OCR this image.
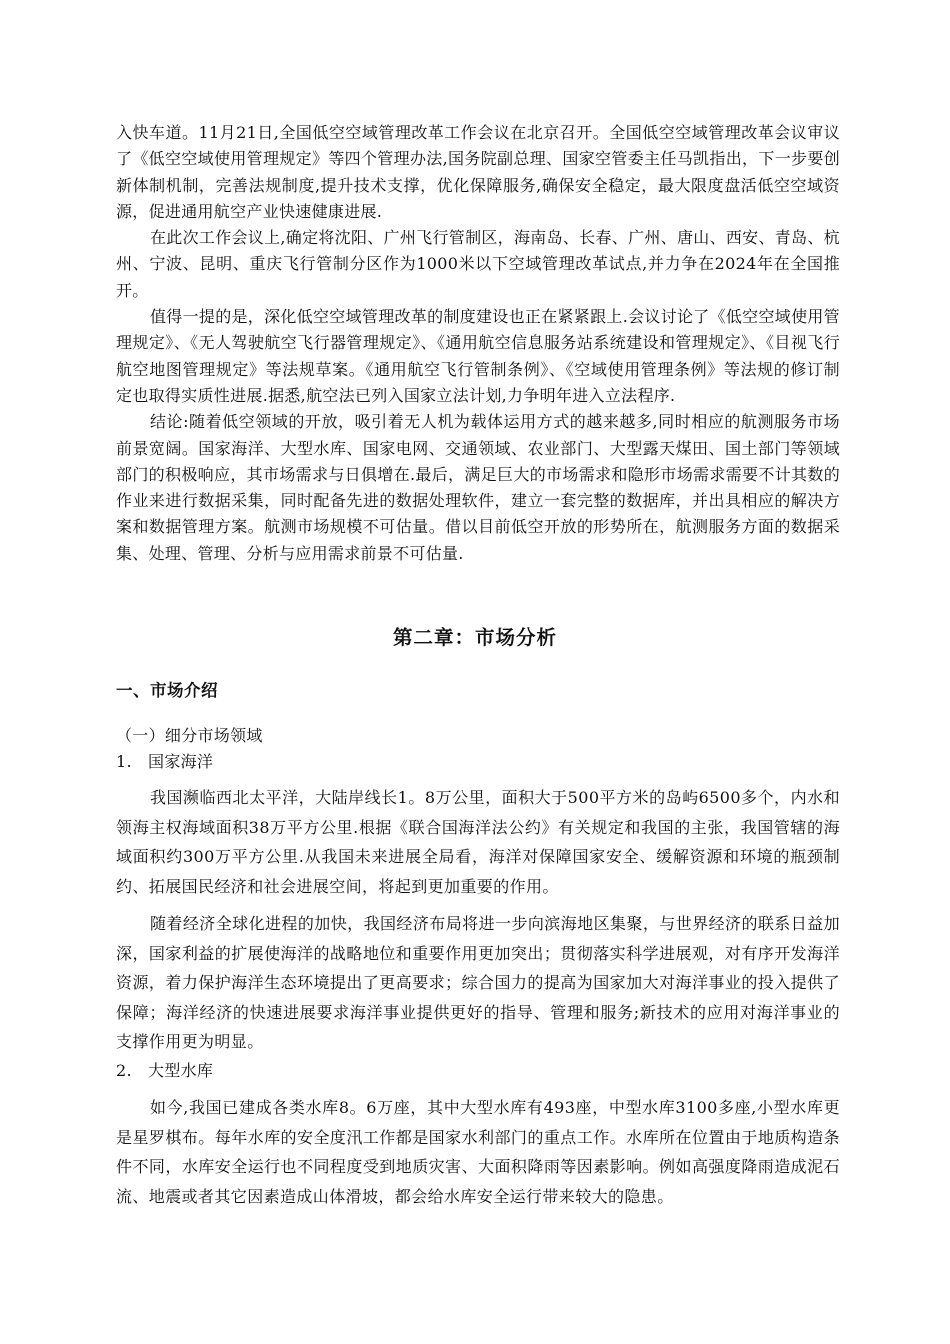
入快车道。11月21日,全国低空空域管理改革工作会议在北京召开。全国低空空域管理改革会议审议了《低空空域使用管理规定》等四个管理办法,国务院副总理、国家空管委主任马凯指出，下一步要创新体制机制，完善法规制度,提升技术支撑，优化保障服务,确保安全稳定，最大限度盘活低空空域资源，促进通用航空产业快速健康进展.

在此次工作会议上,确定将沈阳、广州飞行管制区，海南岛、长春、广州、唐山、西安、青岛、杭州、宁波、昆明、重庆飞行管制分区作为1000米以下空域管理改革试点,并力争在2024年在全国推开。

值得一提的是，深化低空空域管理改革的制度建设也正在紧紧跟上.会议讨论了《低空空域使用管理规定》、《无人驾驶航空飞行器管理规定》、《通用航空信息服务站系统建设和管理规定》、《目视飞行航空地图管理规定》等法规草案。《通用航空飞行管制条例》、《空域使用管理条例》等法规的修订制定也取得实质性进展.据悉,航空法已列入国家立法计划,力争明年进入立法程序.

结论:随着低空领域的开放，吸引着无人机为载体运用方式的越来越多,同时相应的航测服务市场前景宽阔。国家海洋、大型水库、国家电网、交通领域、农业部门、大型露天煤田、国土部门等领域部门的积极响应，其市场需求与日俱增在.最后，满足巨大的市场需求和隐形市场需求需要不计其数的作业来进行数据采集，同时配备先进的数据处理软件，建立一套完整的数据库，并出具相应的解决方案和数据管理方案。航测市场规模不可估量。借以目前低空开放的形势所在，航测服务方面的数据采集、处理、管理、分析与应用需求前景不可估量.

第二章：市场分析
一、市场介绍
（一）细分市场领域
1.   国家海洋

我国濒临西北太平洋，大陆岸线长1。8万公里，面积大于500平方米的岛屿6500多个，内水和领海主权海域面积38万平方公里.根据《联合国海洋法公约》有关规定和我国的主张，我国管辖的海域面积约300万平方公里.从我国未来进展全局看，海洋对保障国家安全、缓解资源和环境的瓶颈制约、拓展国民经济和社会进展空间，将起到更加重要的作用。

随着经济全球化进程的加快，我国经济布局将进一步向滨海地区集聚，与世界经济的联系日益加深，国家利益的扩展使海洋的战略地位和重要作用更加突出；贯彻落实科学进展观，对有序开发海洋资源，着力保护海洋生态环境提出了更高要求；综合国力的提高为国家加大对海洋事业的投入提供了保障；海洋经济的快速进展要求海洋事业提供更好的指导、管理和服务;新技术的应用对海洋事业的支撑作用更为明显。

2.   大型水库

如今,我国已建成各类水库8。6万座，其中大型水库有493座，中型水库3100多座,小型水库更是星罗棋布。每年水库的安全度汛工作都是国家水利部门的重点工作。水库所在位置由于地质构造条件不同，水库安全运行也不同程度受到地质灾害、大面积降雨等因素影响。例如高强度降雨造成泥石流、地震或者其它因素造成山体滑坡，都会给水库安全运行带来较大的隐患。
